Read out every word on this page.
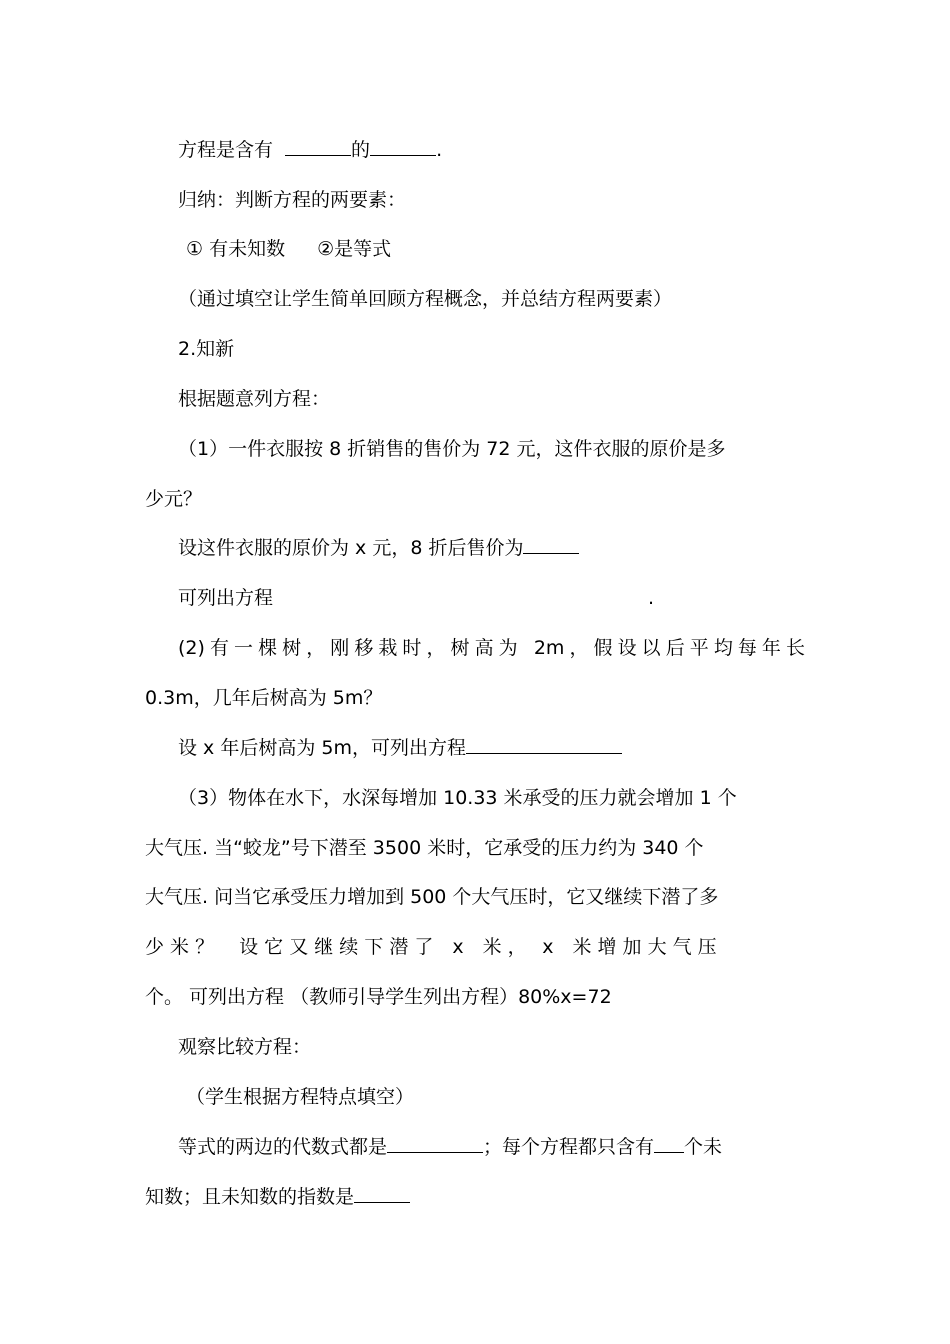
方程是含有	的	.
归纳：判断方程的两要素：
① 有未知数 ②是等式
（通过填空让学生简单回顾方程概念，并总结方程两要素）
2.知新
根据题意列方程：
（1）一件衣服按 8 折销售的售价为 72 元，这件衣服的原价是多
少元？
设这件衣服的原价为 x 元，8 折后售价为
可列出方程	.
(2)有一棵树，刚移栽时，树高为 2m，假设以后平均每年长
0.3m，几年后树高为 5m？
设 x 年后树高为 5m，可列出方程
（3）物体在水下，水深每增加 10.33 米承受的压力就会增加 1 个
大气压. 当“蛟龙”号下潜至 3500 米时，它承受的压力约为 340 个
大气压. 问当它承受压力增加到 500 个大气压时，它又继续下潜了多
少 米 ？　 设 它 又 继 续 下 潜 了　x　米 ，　 x　米 增 加 大 气 压
个。 可列出方程 （教师引导学生列出方程）80%x=72
观察比较方程：
（学生根据方程特点填空）
等式的两边的代数式都是	；每个方程都只含有 个未
知数；且未知数的指数是
